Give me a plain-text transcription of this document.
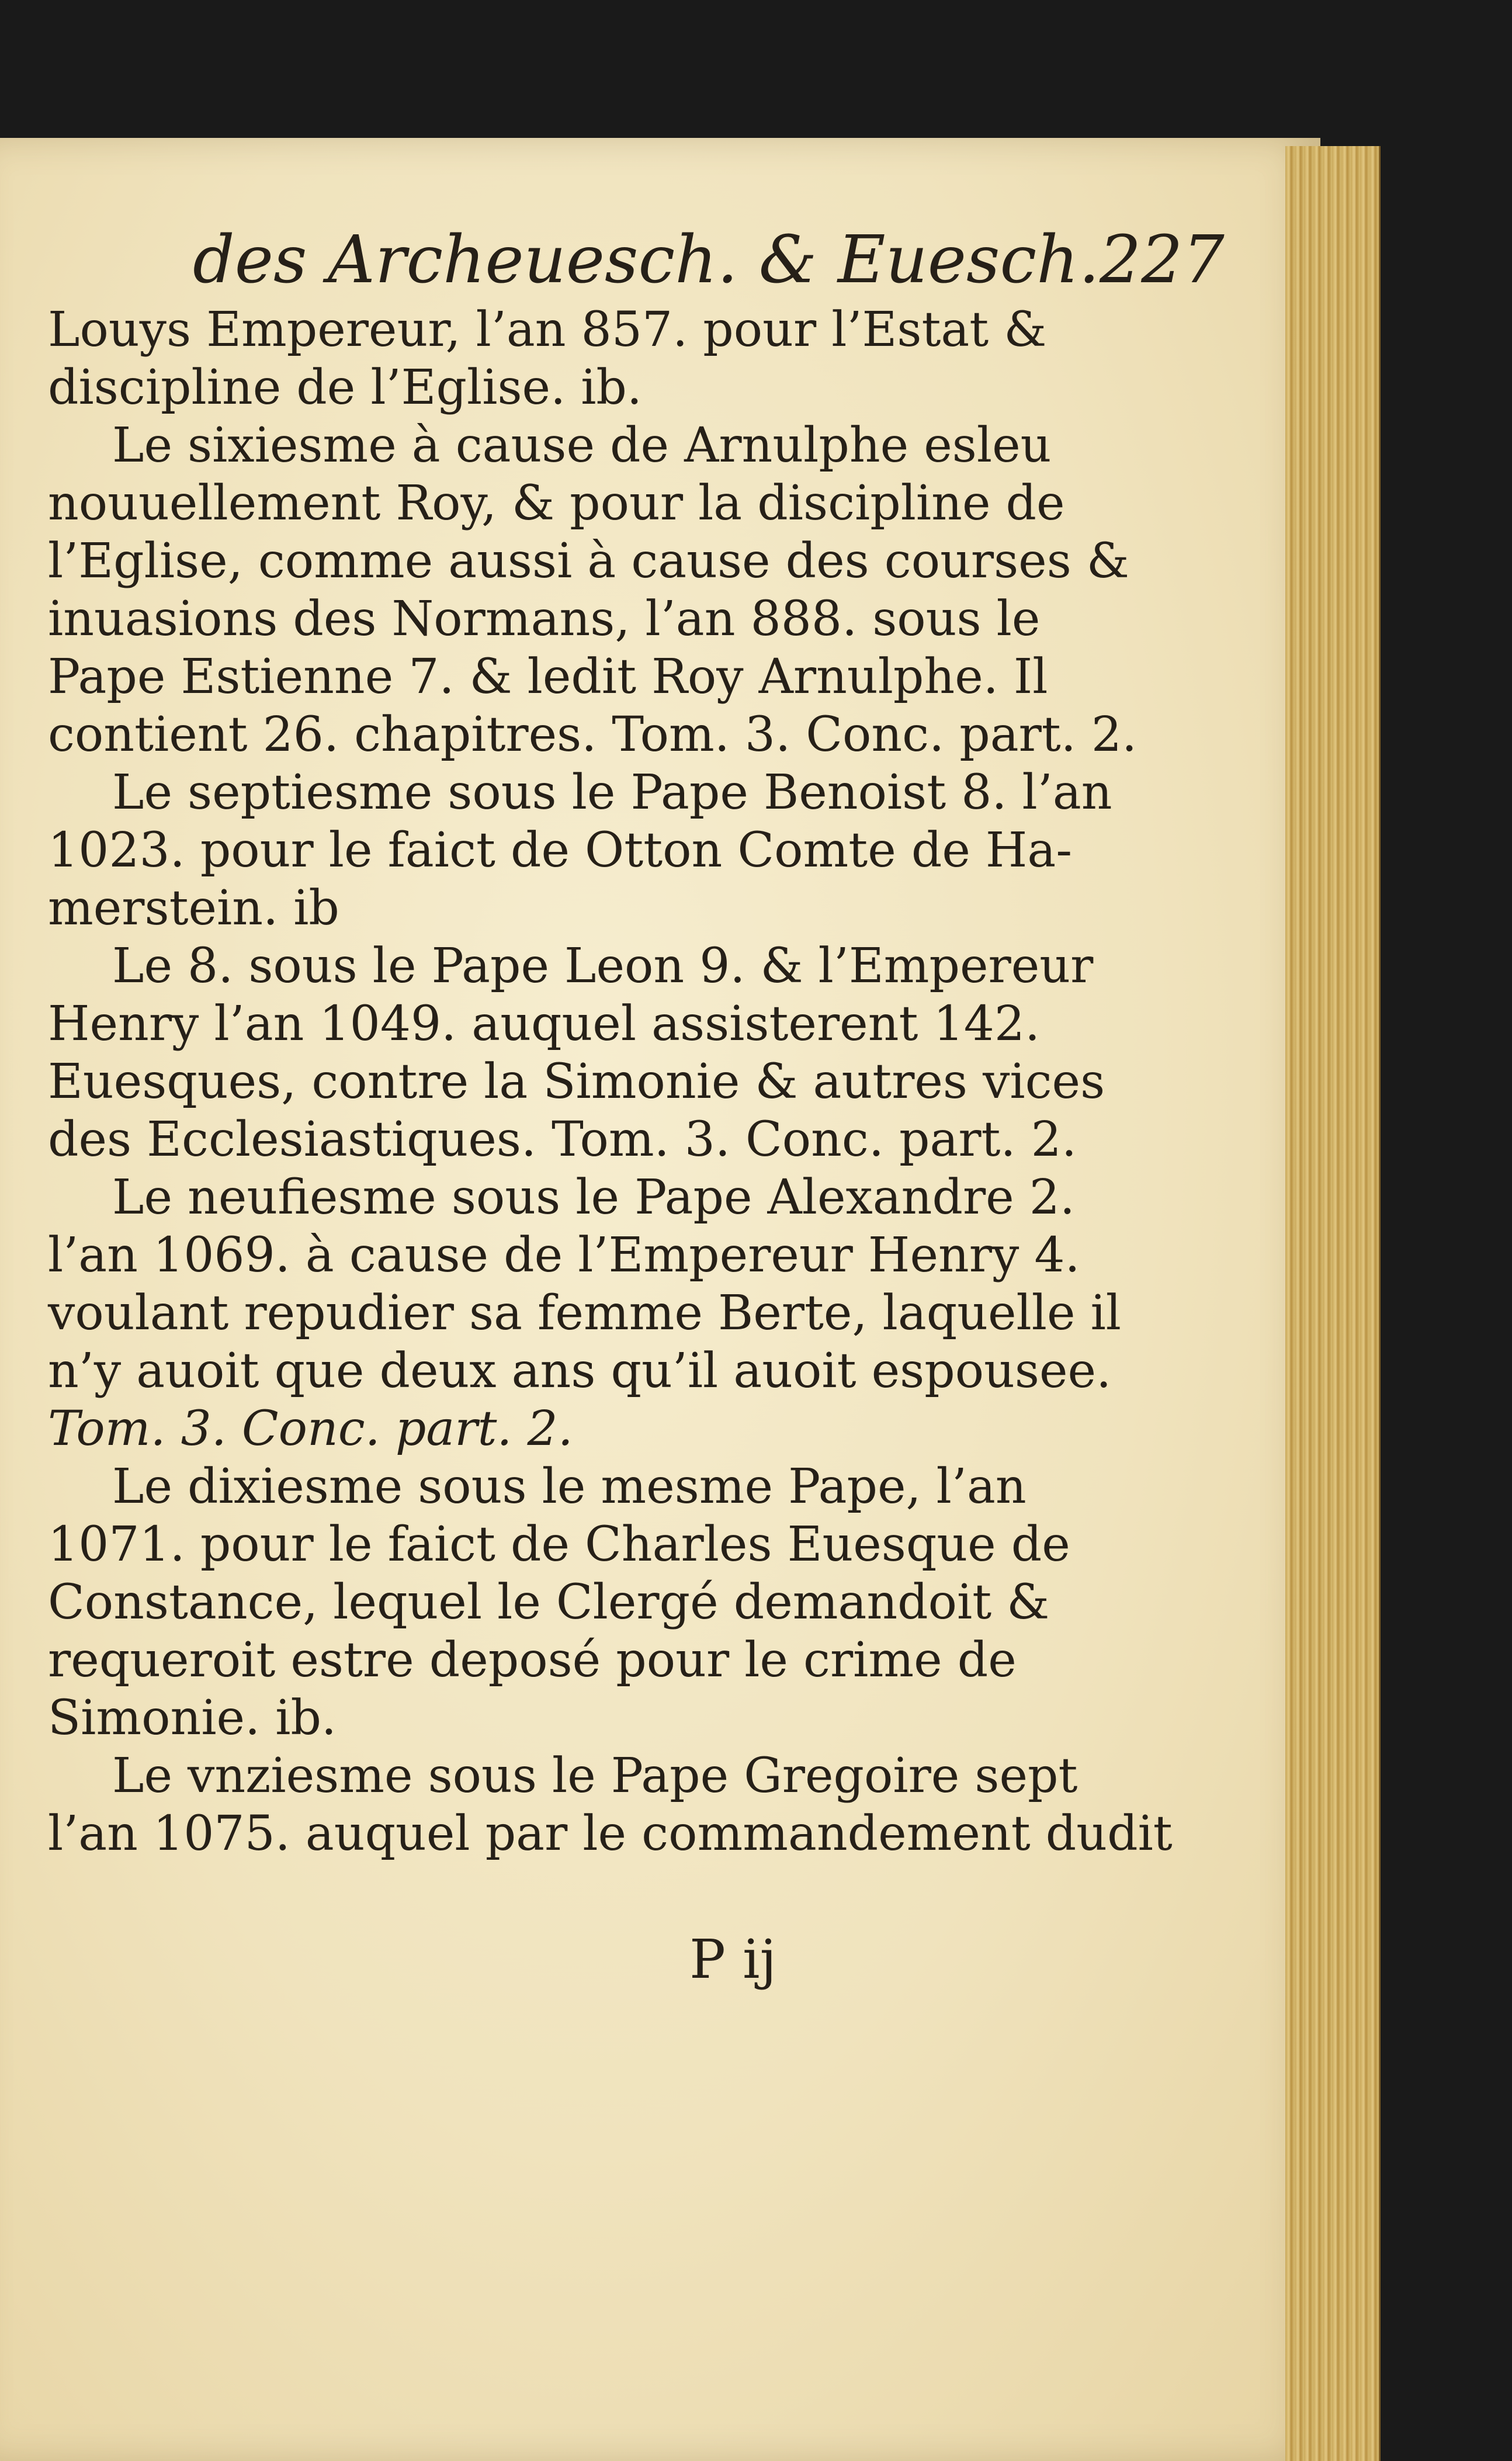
des Archeuesch. & Euesch. 227
Louys Empereur, l’an 857. pour l’Estat &
discipline de l’Eglise. ib.
Le sixiesme à cause de Arnulphe esleu
nouuellement Roy, & pour la discipline de
l’Eglise, comme aussi à cause des courses &
inuasions des Normans, l’an 888. sous le
Pape Estienne 7. & ledit Roy Arnulphe. Il
contient 26. chapitres. Tom. 3. Conc. part. 2.
Le septiesme sous le Pape Benoist 8. l’an
1023. pour le faict de Otton Comte de Ha-
merstein. ib
Le 8. sous le Pape Leon 9. & l’Empereur
Henry l’an 1049. auquel assisterent 142.
Euesques, contre la Simonie & autres vices
des Ecclesiastiques. Tom. 3. Conc. part. 2.
Le neufiesme sous le Pape Alexandre 2.
l’an 1069. à cause de l’Empereur Henry 4.
voulant repudier sa femme Berte, laquelle il
n’y auoit que deux ans qu’il auoit espousee.
Tom. 3. Conc. part. 2.
Le dixiesme sous le mesme Pape, l’an
1071. pour le faict de Charles Euesque de
Constance, lequel le Clergé demandoit &
requeroit estre deposé pour le crime de
Simonie. ib.
Le vnziesme sous le Pape Gregoire sept
l’an 1075. auquel par le commandement dudit
P ij
